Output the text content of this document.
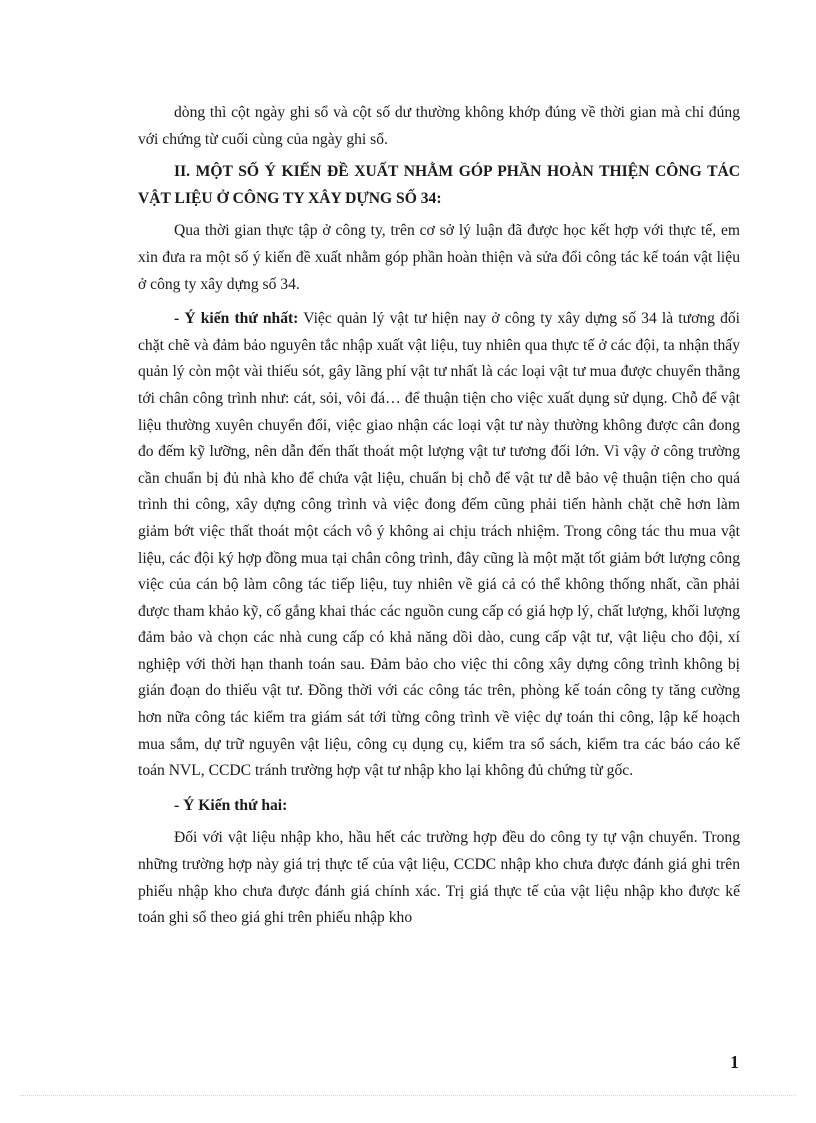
dòng thì cột ngày ghi sổ và cột số dư thường không khớp đúng về thời gian mà chỉ đúng với chứng từ cuối cùng của ngày ghi sổ.

II. MỘT SỐ Ý KIẾN ĐỀ XUẤT NHẰM GÓP PHẦN HOÀN THIỆN CÔNG TÁC VẬT LIỆU Ở CÔNG TY XÂY DỰNG SỐ 34:

Qua thời gian thực tập ở công ty, trên cơ sở lý luận đã được học kết hợp với thực tế, em xin đưa ra một số ý kiến đề xuất nhằm góp phần hoàn thiện và sửa đổi công tác kế toán vật liệu ở công ty xây dựng số 34.

- Ý kiến thứ nhất: Việc quản lý vật tư hiện nay ở công ty xây dựng số 34 là tương đối chặt chẽ và đảm bảo nguyên tắc nhập xuất vật liệu, tuy nhiên qua thực tế ở các đội, ta nhận thấy quản lý còn một vài thiếu sót, gây lãng phí vật tư nhất là các loại vật tư mua được chuyển thẳng tới chân công trình như: cát, sỏi, vôi đá… để thuận tiện cho việc xuất dụng sử dụng. Chỗ để vật liệu thường xuyên chuyển đổi, việc giao nhận các loại vật tư này thường không được cân đong đo đếm kỹ lưỡng, nên dẫn đến thất thoát một lượng vật tư tương đối lớn. Vì vậy ở công trường cần chuẩn bị đủ nhà kho để chứa vật liệu, chuẩn bị chỗ để vật tư dễ bảo vệ thuận tiện cho quá trình thi công, xây dựng công trình và việc đong đếm cũng phải tiến hành chặt chẽ hơn làm giảm bớt việc thất thoát một cách vô ý không ai chịu trách nhiệm. Trong công tác thu mua vật liệu, các đội ký hợp đồng mua tại chân công trình, đây cũng là một mặt tốt giảm bớt lượng công việc của cán bộ làm công tác tiếp liệu, tuy nhiên về giá cả có thể không thống nhất, cần phải được tham khảo kỹ, cố gắng khai thác các nguồn cung cấp có giá hợp lý, chất lượng, khối lượng đảm bảo và chọn các nhà cung cấp có khả năng dồi dào, cung cấp vật tư, vật liệu cho đội, xí nghiệp với thời hạn thanh toán sau. Đảm bảo cho việc thi công xây dựng công trình không bị gián đoạn do thiếu vật tư. Đồng thời với các công tác trên, phòng kế toán công ty tăng cường hơn nữa công tác kiểm tra giám sát tới từng công trình về việc dự toán thi công, lập kế hoạch mua sắm, dự trữ nguyên vật liệu, công cụ dụng cụ, kiểm tra sổ sách, kiểm tra các báo cáo kế toán NVL, CCDC tránh trường hợp vật tư nhập kho lại không đủ chứng từ gốc.

- Ý Kiến thứ hai:

Đối với vật liệu nhập kho, hầu hết các trường hợp đều do công ty tự vận chuyển. Trong những trường hợp này giá trị thực tế của vật liệu, CCDC nhập kho chưa được đánh giá ghi trên phiếu nhập kho chưa được đánh giá chính xác. Trị giá thực tế của vật liệu nhập kho được kế toán ghi sổ theo giá ghi trên phiếu nhập kho

1
